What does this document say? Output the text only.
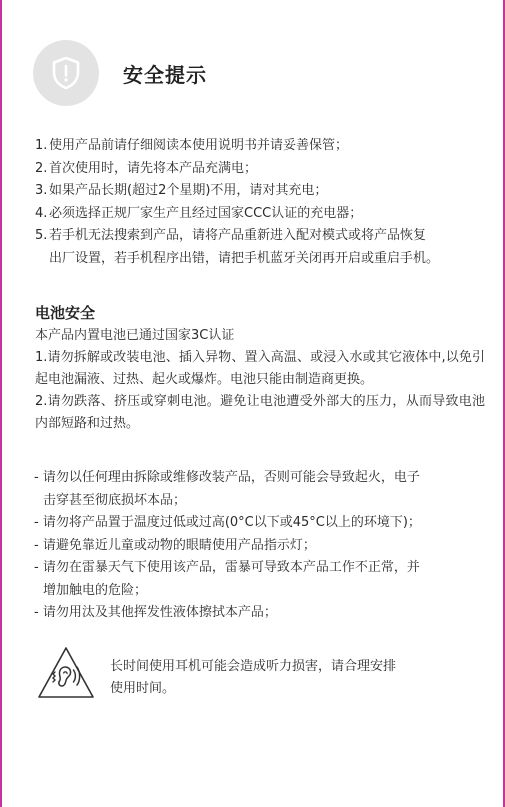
安全提示
1. 使用产品前请仔细阅读本使用说明书并请妥善保管；
2. 首次使用时，请先将本产品充满电；
3. 如果产品长期(超过2个星期)不用，请对其充电；
4. 必须选择正规厂家生产且经过国家CCC认证的充电器；
5. 若手机无法搜索到产品，请将产品重新进入配对模式或将产品恢复
出厂设置，若手机程序出错，请把手机蓝牙关闭再开启或重启手机。
电池安全
本产品内置电池已通过国家3C认证
1.请勿拆解或改装电池、插入异物、置入高温、或浸入水或其它液体中,以免引起电池漏液、过热、起火或爆炸。电池只能由制造商更换。
2.请勿跌落、挤压或穿刺电池。避免让电池遭受外部大的压力，从而导致电池内部短路和过热。
- 请勿以任何理由拆除或维修改装产品，否则可能会导致起火，电子
击穿甚至彻底损坏本品；
- 请勿将产品置于温度过低或过高(0°C以下或45°C以上的环境下)；
- 请避免靠近儿童或动物的眼睛使用产品指示灯；
- 请勿在雷暴天气下使用该产品，雷暴可导致本产品工作不正常，并
增加触电的危险；
- 请勿用汰及其他挥发性液体擦拭本产品；
长时间使用耳机可能会造成听力损害，请合理安排
使用时间。
